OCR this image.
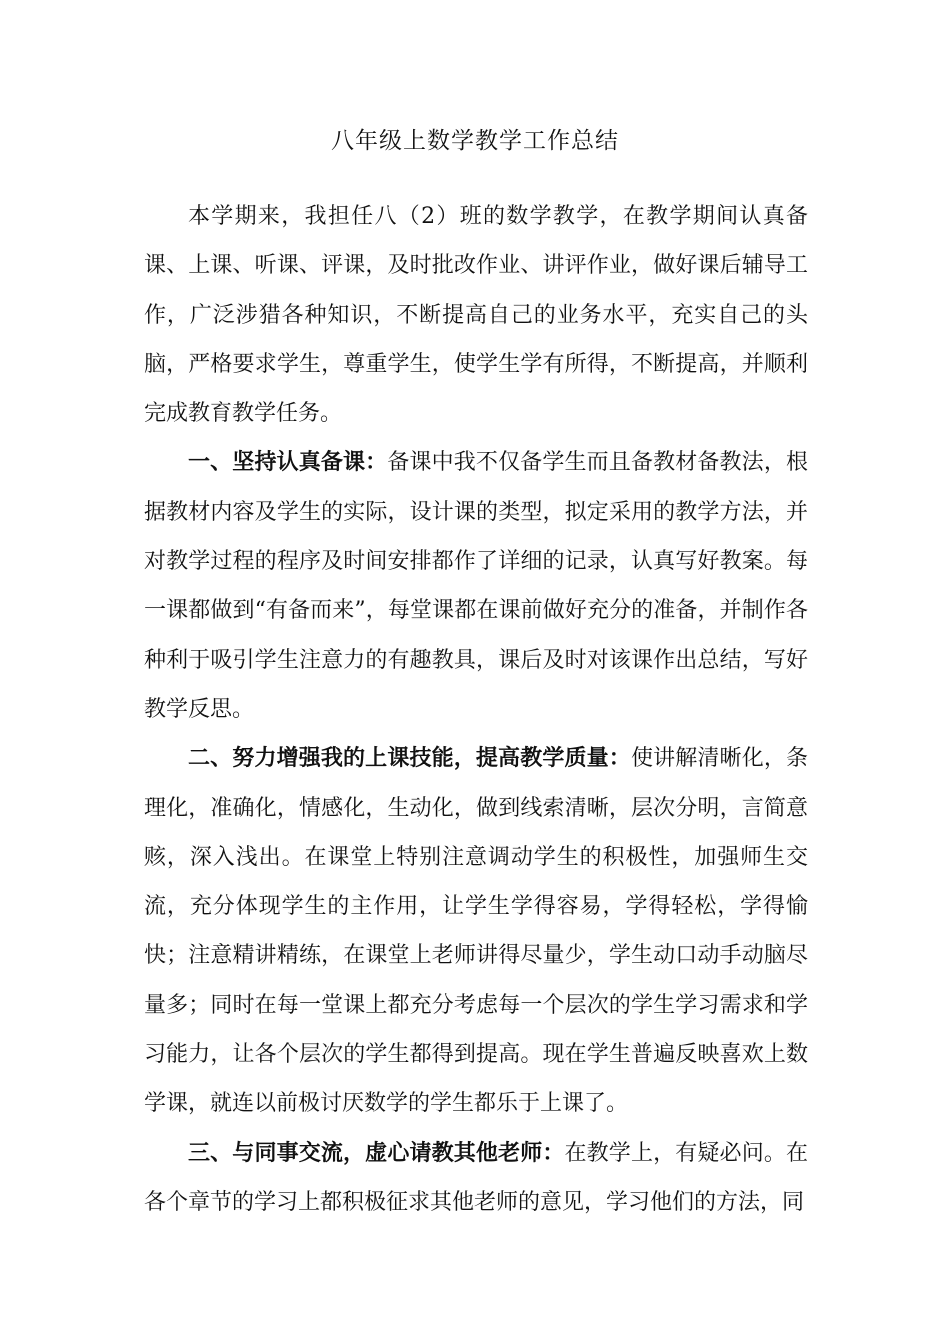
八年级上数学教学工作总结

本学期来，我担任八（2）班的数学教学，在教学期间认真备课、上课、听课、评课，及时批改作业、讲评作业，做好课后辅导工作，广泛涉猎各种知识，不断提高自己的业务水平，充实自己的头脑，严格要求学生，尊重学生，使学生学有所得，不断提高，并顺利完成教育教学任务。

一、坚持认真备课：备课中我不仅备学生而且备教材备教法，根据教材内容及学生的实际，设计课的类型，拟定采用的教学方法，并对教学过程的程序及时间安排都作了详细的记录，认真写好教案。每一课都做到“有备而来”，每堂课都在课前做好充分的准备，并制作各种利于吸引学生注意力的有趣教具，课后及时对该课作出总结，写好教学反思。

二、努力增强我的上课技能，提高教学质量：使讲解清晰化，条理化，准确化，情感化，生动化，做到线索清晰，层次分明，言简意赅，深入浅出。在课堂上特别注意调动学生的积极性，加强师生交流，充分体现学生的主作用，让学生学得容易，学得轻松，学得愉快；注意精讲精练，在课堂上老师讲得尽量少，学生动口动手动脑尽量多；同时在每一堂课上都充分考虑每一个层次的学生学习需求和学习能力，让各个层次的学生都得到提高。现在学生普遍反映喜欢上数学课，就连以前极讨厌数学的学生都乐于上课了。

三、与同事交流，虚心请教其他老师：在教学上，有疑必问。在各个章节的学习上都积极征求其他老师的意见，学习他们的方法，同
